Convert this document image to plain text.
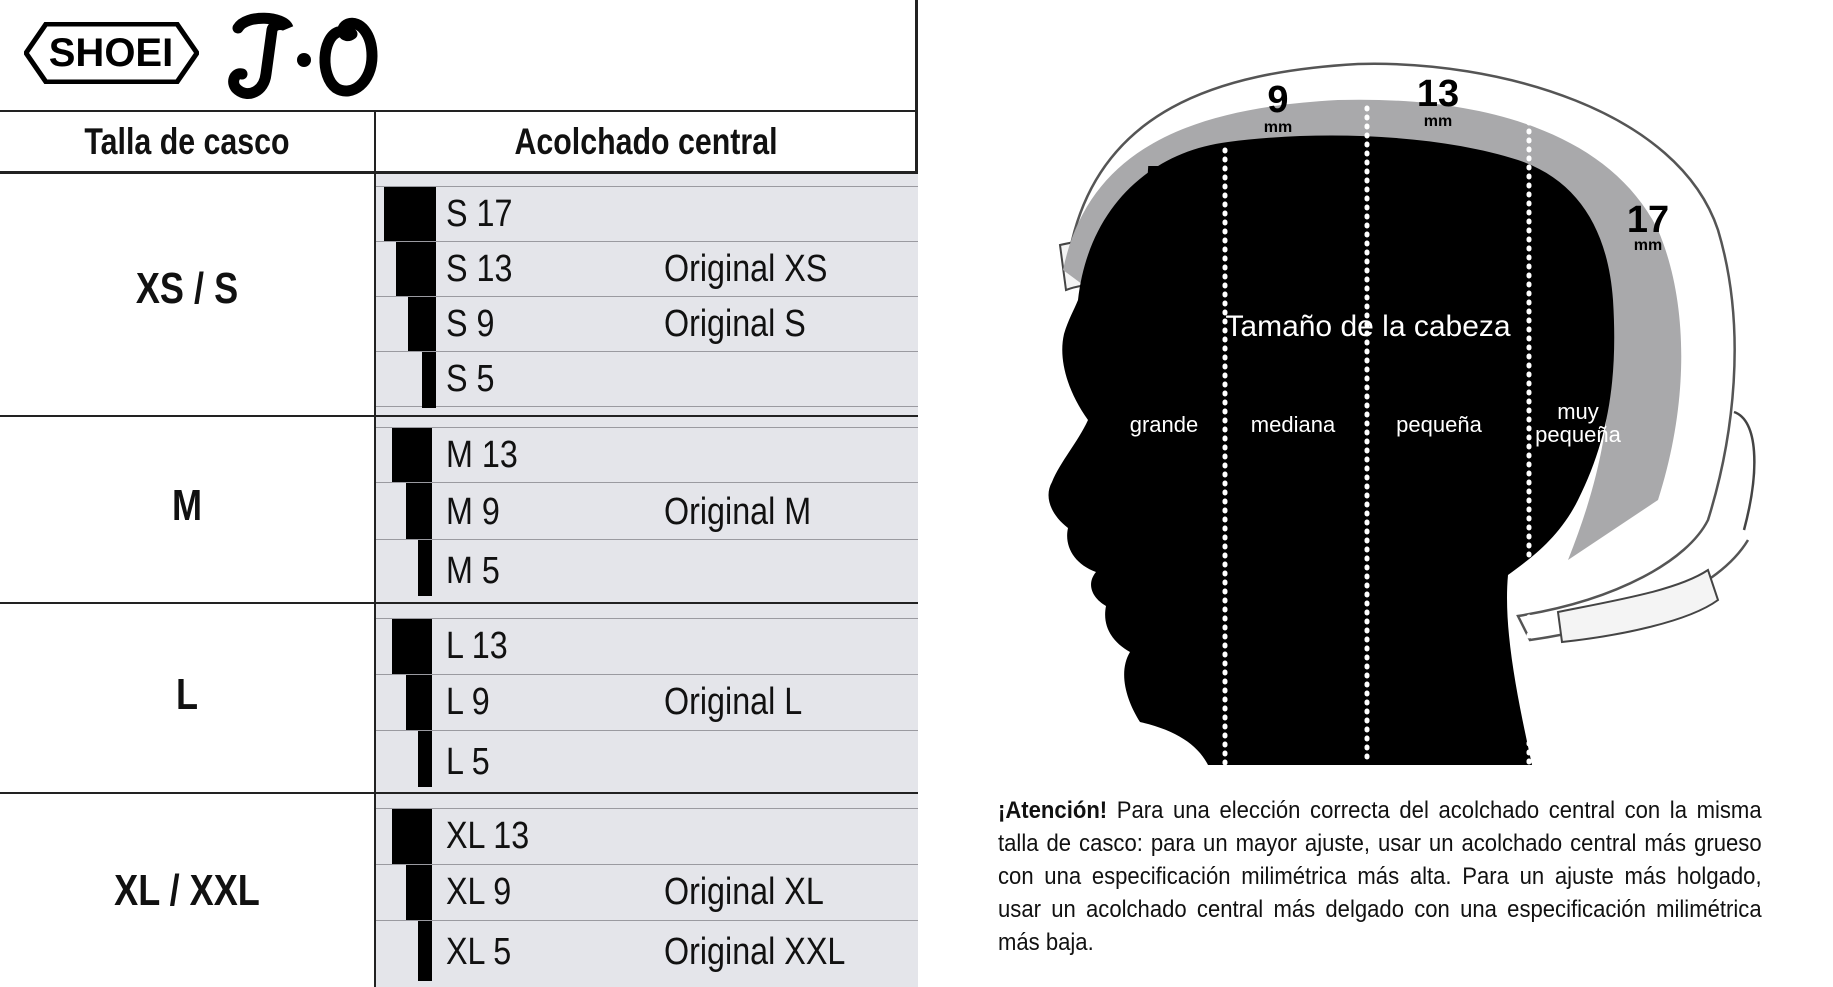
SHOEI
J·O
Talla de casco	Acolchado central
XS / S
S 17
S 13	Original XS
S 9	Original S
S 5
M
M 13
M 9	Original M
M 5
L
L 13
L 9	Original L
L 5
XL / XXL
XL 13
XL 9	Original XL
XL 5	Original XXL
5
mm
9
mm
13
mm
17
mm
Tamaño de la cabeza
grande mediana	pequeña
muy
pequeña
¡Atención! Para una elección correcta del acolchado central con la misma talla de casco: para un mayor ajuste, usar un acolchado central más grueso con una especificación milimétrica más alta. Para un ajuste más holgado, usar un acolchado central más delgado con una especificación milimétrica más baja.
